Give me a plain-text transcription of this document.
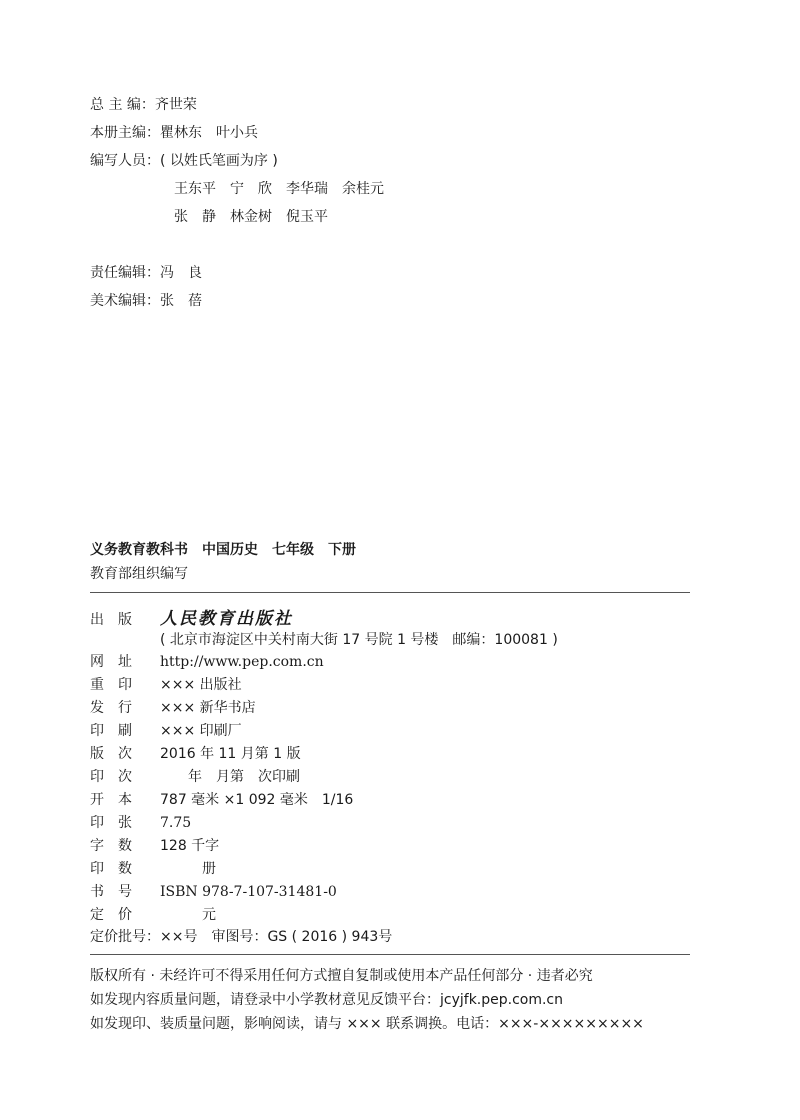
总 主 编：齐世荣
本册主编：瞿林东　叶小兵
编写人员：( 以姓氏笔画为序 )
王东平　宁　欣　李华瑞　余桂元
张　静　林金树　倪玉平
责任编辑：冯　良
美术编辑：张　蓓
义务教育教科书　中国历史　七年级　下册
教育部组织编写
出　版 人民教育出版社
( 北京市海淀区中关村南大街 17 号院 1 号楼　邮编：100081 )
网　址 http://www.pep.com.cn
重　印 ××× 出版社
发　行 ××× 新华书店
印　刷 ××× 印刷厂
版　次 2016 年 11 月第 1 版
印　次　　年　月第　次印刷
开　本 787 毫米 ×1 092 毫米　1/16
印　张 7.75
字　数 128 千字
印　数　　　册
书　号 ISBN 978-7-107-31481-0
定　价　　　元
定价批号：××号　审图号：GS ( 2016 ) 943号
版权所有 · 未经许可不得采用任何方式擅自复制或使用本产品任何部分 · 违者必究
如发现内容质量问题，请登录中小学教材意见反馈平台：jcyjfk.pep.com.cn
如发现印、装质量问题，影响阅读，请与 ××× 联系调换。电话：×××-×××××××××
